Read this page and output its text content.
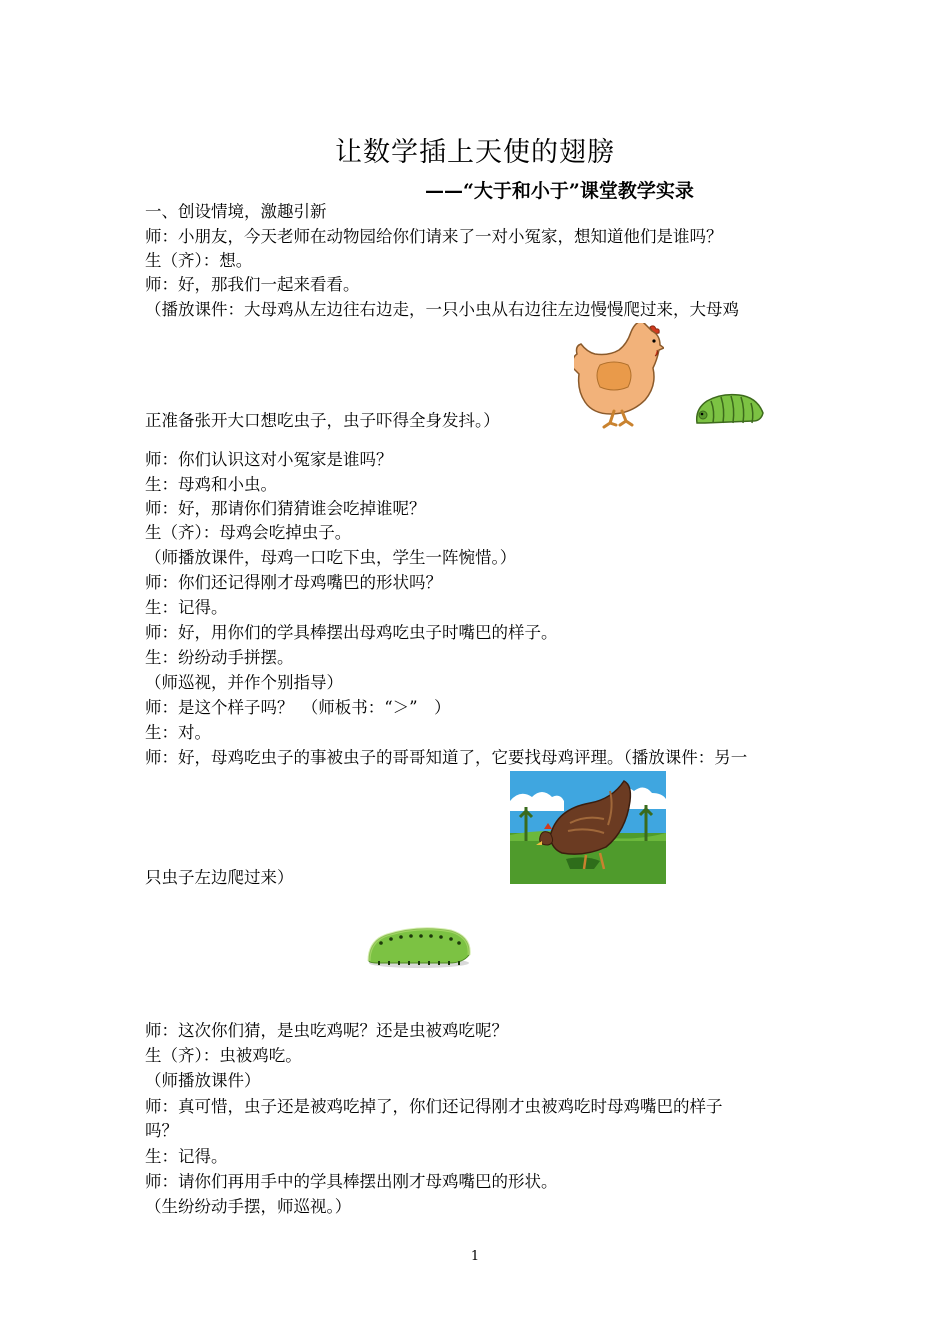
让数学插上天使的翅膀
——“大于和小于”课堂教学实录
一、创设情境，激趣引新
师：小朋友，今天老师在动物园给你们请来了一对小冤家，想知道他们是谁吗？
生（齐）：想。
师：好，那我们一起来看看。
（播放课件：大母鸡从左边往右边走，一只小虫从右边往左边慢慢爬过来，大母鸡
正准备张开大口想吃虫子，虫子吓得全身发抖。）
师：你们认识这对小冤家是谁吗？
生：母鸡和小虫。
师：好，那请你们猜猜谁会吃掉谁呢？
生（齐）：母鸡会吃掉虫子。
（师播放课件，母鸡一口吃下虫，学生一阵惋惜。）
师：你们还记得刚才母鸡嘴巴的形状吗？
生：记得。
师：好，用你们的学具棒摆出母鸡吃虫子时嘴巴的样子。
生：纷纷动手拼摆。
（师巡视，并作个别指导）
师：是这个样子吗？　（师板书：“＞”　）
生：对。
师：好，母鸡吃虫子的事被虫子的哥哥知道了，它要找母鸡评理。（播放课件：另一
只虫子左边爬过来）
师：这次你们猜，是虫吃鸡呢？还是虫被鸡吃呢？
生（齐）：虫被鸡吃。
（师播放课件）
师：真可惜，虫子还是被鸡吃掉了，你们还记得刚才虫被鸡吃时母鸡嘴巴的样子
吗？
生：记得。
师：请你们再用手中的学具棒摆出刚才母鸡嘴巴的形状。
（生纷纷动手摆，师巡视。）
1
